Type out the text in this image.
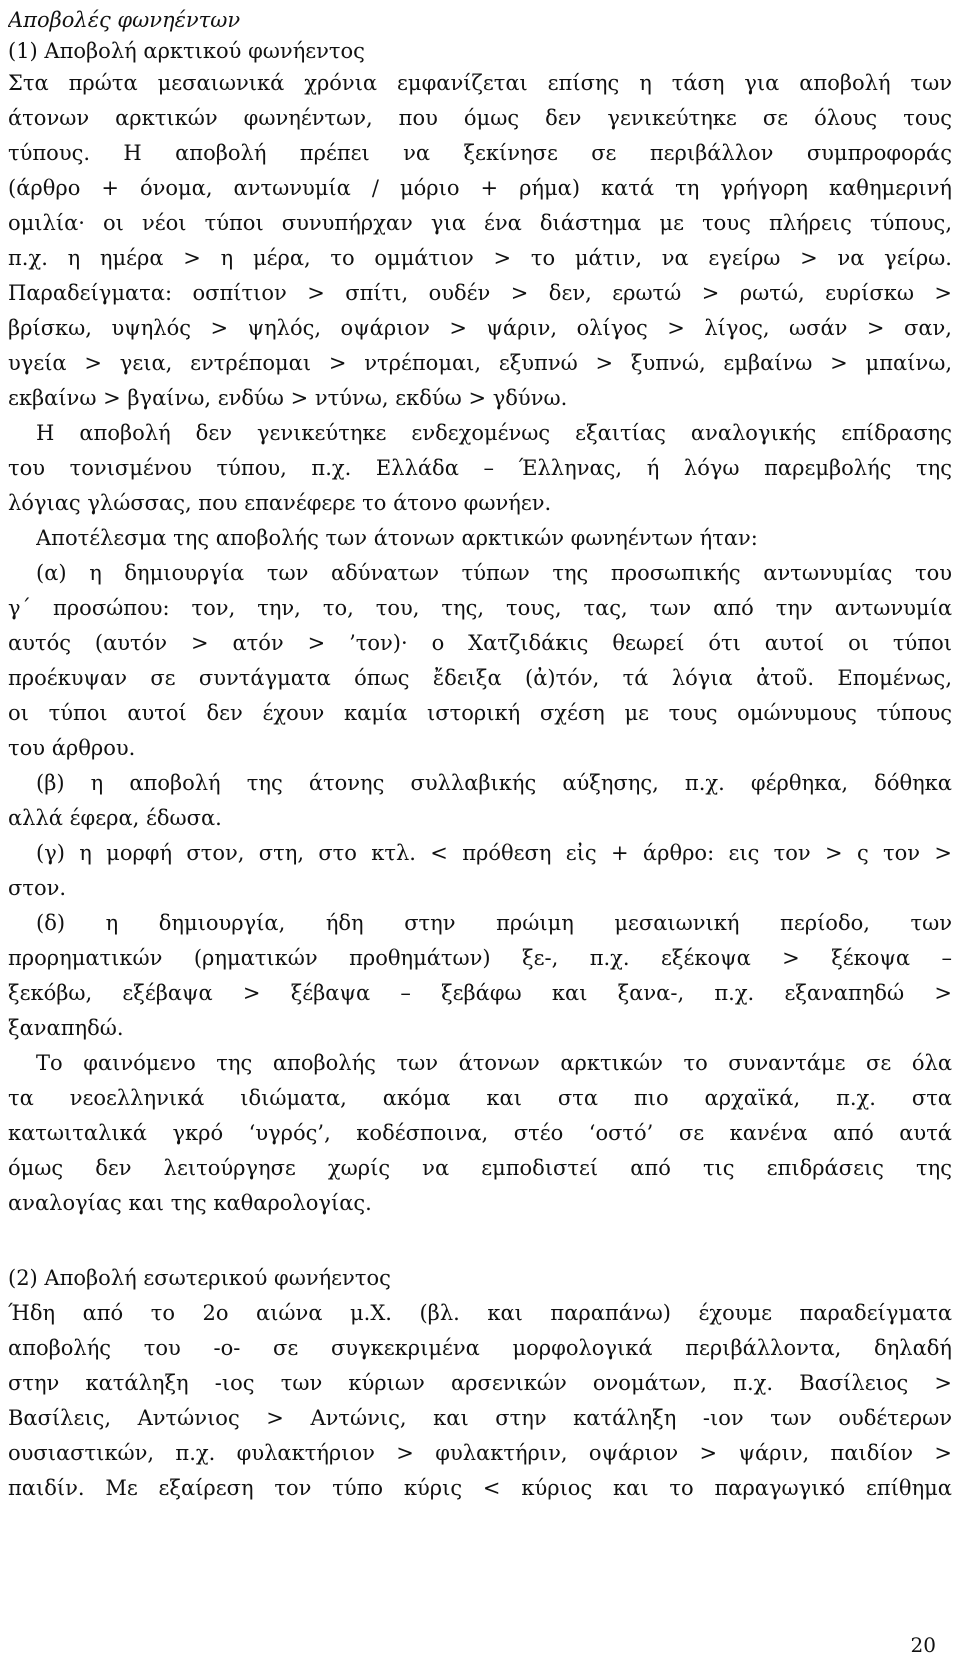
Αποβολές φωνηέντων
(1) Αποβολή αρκτικού φωνήεντος
Στα πρώτα μεσαιωνικά χρόνια εμφανίζεται επίσης η τάση για αποβολή των
άτονων αρκτικών φωνηέντων, που όμως δεν γενικεύτηκε σε όλους τους
τύπους. Η αποβολή πρέπει να ξεκίνησε σε περιβάλλον συμπροφοράς
(άρθρο + όνομα, αντωνυμία / μόριο + ρήμα) κατά τη γρήγορη καθημερινή
ομιλία· οι νέοι τύποι συνυπήρχαν για ένα διάστημα με τους πλήρεις τύπους,
π.χ. η ημέρα > η μέρα, το ομμάτιον > το μάτιν, να εγείρω > να γείρω.
Παραδείγματα: οσπίτιον > σπίτι, ουδέν > δεν, ερωτώ > ρωτώ, ευρίσκω >
βρίσκω, υψηλός > ψηλός, οψάριον > ψάριν, ολίγος > λίγος, ωσάν > σαν,
υγεία > γεια, εντρέπομαι > ντρέπομαι, εξυπνώ > ξυπνώ, εμβαίνω > μπαίνω,
εκβαίνω > βγαίνω, ενδύω > ντύνω, εκδύω > γδύνω.
Η αποβολή δεν γενικεύτηκε ενδεχομένως εξαιτίας αναλογικής επίδρασης
του τονισμένου τύπου, π.χ. Ελλάδα – Έλληνας, ή λόγω παρεμβολής της
λόγιας γλώσσας, που επανέφερε το άτονο φωνήεν.
Αποτέλεσμα της αποβολής των άτονων αρκτικών φωνηέντων ήταν:
(α) η δημιουργία των αδύνατων τύπων της προσωπικής αντωνυμίας του
γ΄ προσώπου: τον, την, το, του, της, τους, τας, των από την αντωνυμία
αυτός (αυτόν > ατόν > ’τον)· ο Χατζιδάκις θεωρεί ότι αυτοί οι τύποι
προέκυψαν σε συντάγματα όπως ἔδειξα (ἀ)τόν, τά λόγια ἀτοῦ. Επομένως,
οι τύποι αυτοί δεν έχουν καμία ιστορική σχέση με τους ομώνυμους τύπους
του άρθρου.
(β) η αποβολή της άτονης συλλαβικής αύξησης, π.χ. φέρθηκα, δόθηκα
αλλά έφερα, έδωσα.
(γ) η μορφή στον, στη, στο κτλ. < πρόθεση εἰς + άρθρο: εις τον > ς τον >
στον.
(δ) η δημιουργία, ήδη στην πρώιμη μεσαιωνική περίοδο, των
προρηματικών (ρηματικών προθημάτων) ξε-, π.χ. εξέκοψα > ξέκοψα –
ξεκόβω, εξέβαψα > ξέβαψα – ξεβάφω και ξανα-, π.χ. εξαναπηδώ >
ξαναπηδώ.
Το φαινόμενο της αποβολής των άτονων αρκτικών το συναντάμε σε όλα
τα νεοελληνικά ιδιώματα, ακόμα και στα πιο αρχαϊκά, π.χ. στα
κατωιταλικά γκρό ‘υγρός’, κοδέσποινα, στέο ‘οστό’ σε κανένα από αυτά
όμως δεν λειτούργησε χωρίς να εμποδιστεί από τις επιδράσεις της
αναλογίας και της καθαρολογίας.
(2) Αποβολή εσωτερικού φωνήεντος
Ήδη από το 2ο αιώνα μ.Χ. (βλ. και παραπάνω) έχουμε παραδείγματα
αποβολής του -ο- σε συγκεκριμένα μορφολογικά περιβάλλοντα, δηλαδή
στην κατάληξη -ιος των κύριων αρσενικών ονομάτων, π.χ. Βασίλειος >
Βασίλεις, Αντώνιος > Αντώνις, και στην κατάληξη -ιον των ουδέτερων
ουσιαστικών, π.χ. φυλακτήριον > φυλακτήριν, οψάριον > ψάριν, παιδίον >
παιδίν. Με εξαίρεση τον τύπο κύρις < κύριος και το παραγωγικό επίθημα
20
